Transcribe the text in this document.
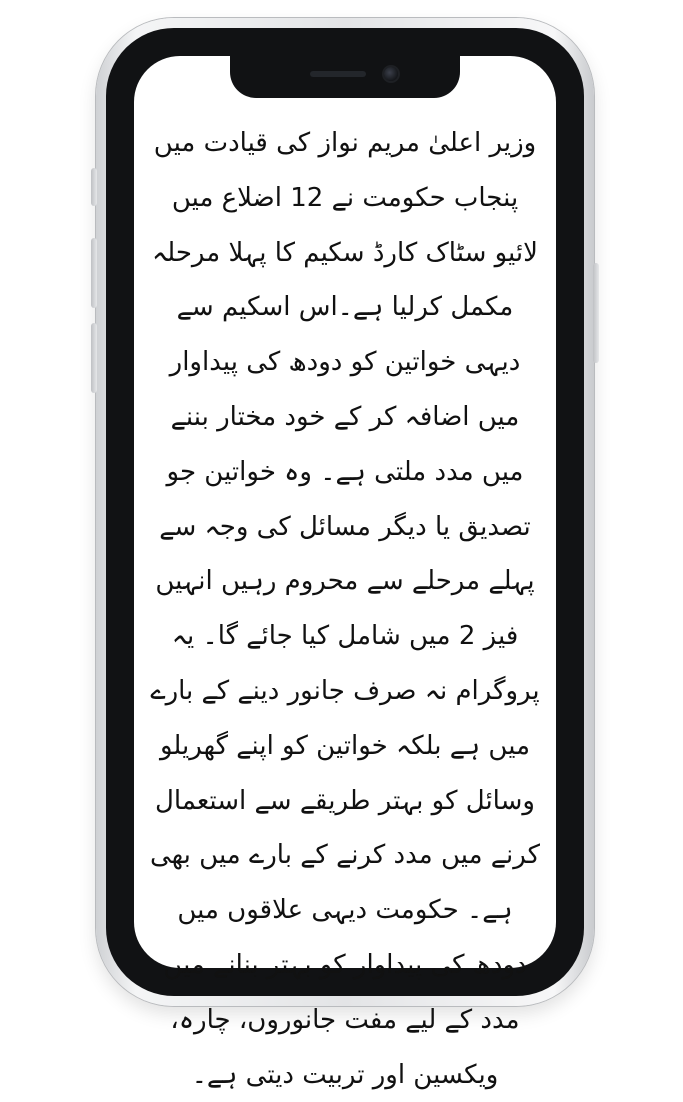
وزیر اعلیٰ مریم نواز کی قیادت میں پنجاب حکومت نے 12 اضلاع میں لائیو سٹاک کارڈ سکیم کا پہلا مرحلہ مکمل کرلیا ہے۔اس اسکیم سے دیہی خواتین کو دودھ کی پیداوار میں اضافہ کر کے خود مختار بننے میں مدد ملتی ہے۔ وہ خواتین جو تصدیق یا دیگر مسائل کی وجہ سے پہلے مرحلے سے محروم رہیں انہیں فیز 2 میں شامل کیا جائے گا۔ یہ پروگرام نہ صرف جانور دینے کے بارے میں ہے بلکہ خواتین کو اپنے گھریلو وسائل کو بہتر طریقے سے استعمال کرنے میں مدد کرنے کے بارے میں بھی ہے۔ حکومت دیہی علاقوں میں دودھ کی پیداوار کو بہتر بنانے میں مدد کے لیے مفت جانوروں، چارہ، ویکسین اور تربیت دیتی ہے۔
